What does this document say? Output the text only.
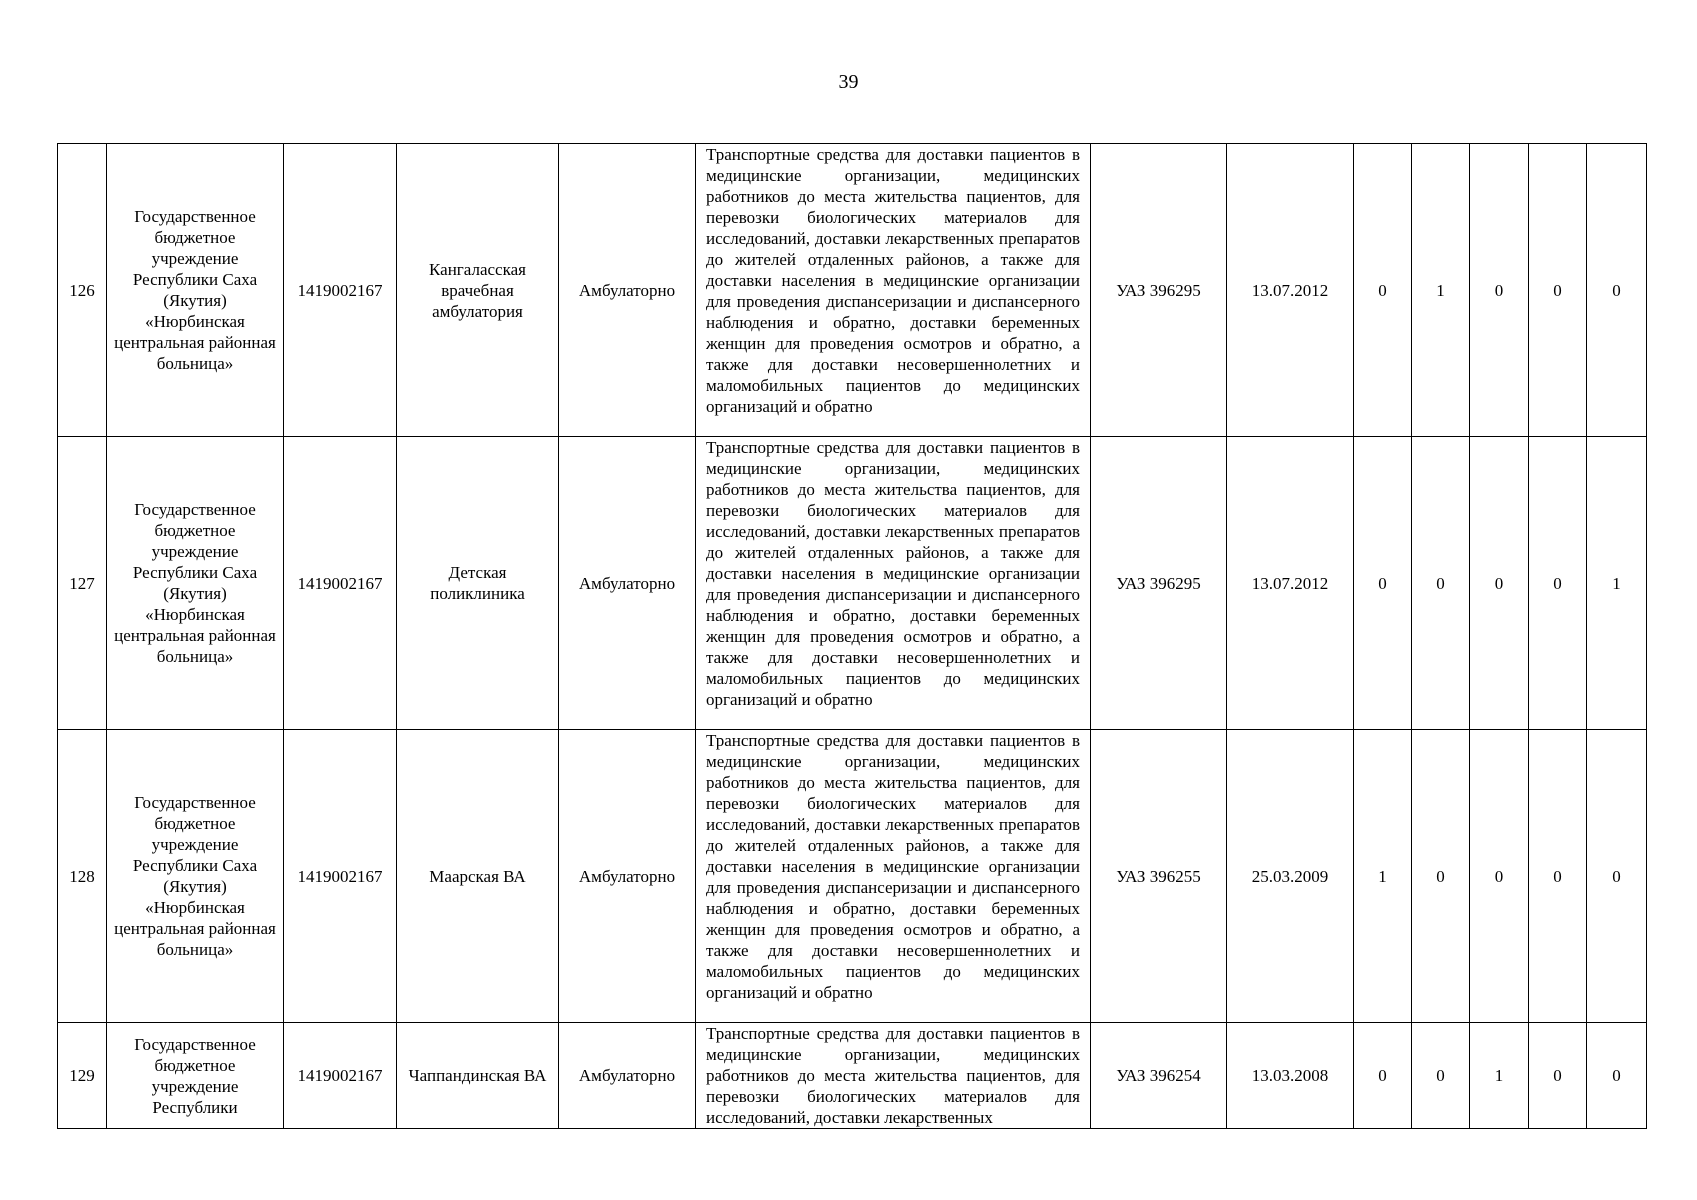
39
126	Государственное бюджетное учреждение Республики Саха (Якутия) «Нюрбинская центральная районная больница»	1419002167	Кангаласская врачебная амбулатория	Амбулаторно	Транспортные средства для доставки пациентов в медицинские организации, медицинских работников до места жительства пациентов, для перевозки биологических материалов для исследований, доставки лекарственных препаратов до жителей отдаленных районов, а также для доставки населения в медицинские организации для проведения диспансеризации и диспансерного наблюдения и обратно, доставки беременных женщин для проведения осмотров и обратно, а также для доставки несовершеннолетних и маломобильных пациентов до медицинских организаций и обратно	УАЗ 396295	13.07.2012	0	1	0	0	0
127	Государственное бюджетное учреждение Республики Саха (Якутия) «Нюрбинская центральная районная больница»	1419002167	Детская поликлиника	Амбулаторно	Транспортные средства для доставки пациентов в медицинские организации, медицинских работников до места жительства пациентов, для перевозки биологических материалов для исследований, доставки лекарственных препаратов до жителей отдаленных районов, а также для доставки населения в медицинские организации для проведения диспансеризации и диспансерного наблюдения и обратно, доставки беременных женщин для проведения осмотров и обратно, а также для доставки несовершеннолетних и маломобильных пациентов до медицинских организаций и обратно	УАЗ 396295	13.07.2012	0	0	0	0	1
128	Государственное бюджетное учреждение Республики Саха (Якутия) «Нюрбинская центральная районная больница»	1419002167	Маарская ВА	Амбулаторно	Транспортные средства для доставки пациентов в медицинские организации, медицинских работников до места жительства пациентов, для перевозки биологических материалов для исследований, доставки лекарственных препаратов до жителей отдаленных районов, а также для доставки населения в медицинские организации для проведения диспансеризации и диспансерного наблюдения и обратно, доставки беременных женщин для проведения осмотров и обратно, а также для доставки несовершеннолетних и маломобильных пациентов до медицинских организаций и обратно	УАЗ 396255	25.03.2009	1	0	0	0	0
129	Государственное бюджетное учреждение Республики	1419002167	Чаппандинская ВА	Амбулаторно	Транспортные средства для доставки пациентов в медицинские организации, медицинских работников до места жительства пациентов, для перевозки биологических материалов для исследований, доставки лекарственных	УАЗ 396254	13.03.2008	0	0	1	0	0
